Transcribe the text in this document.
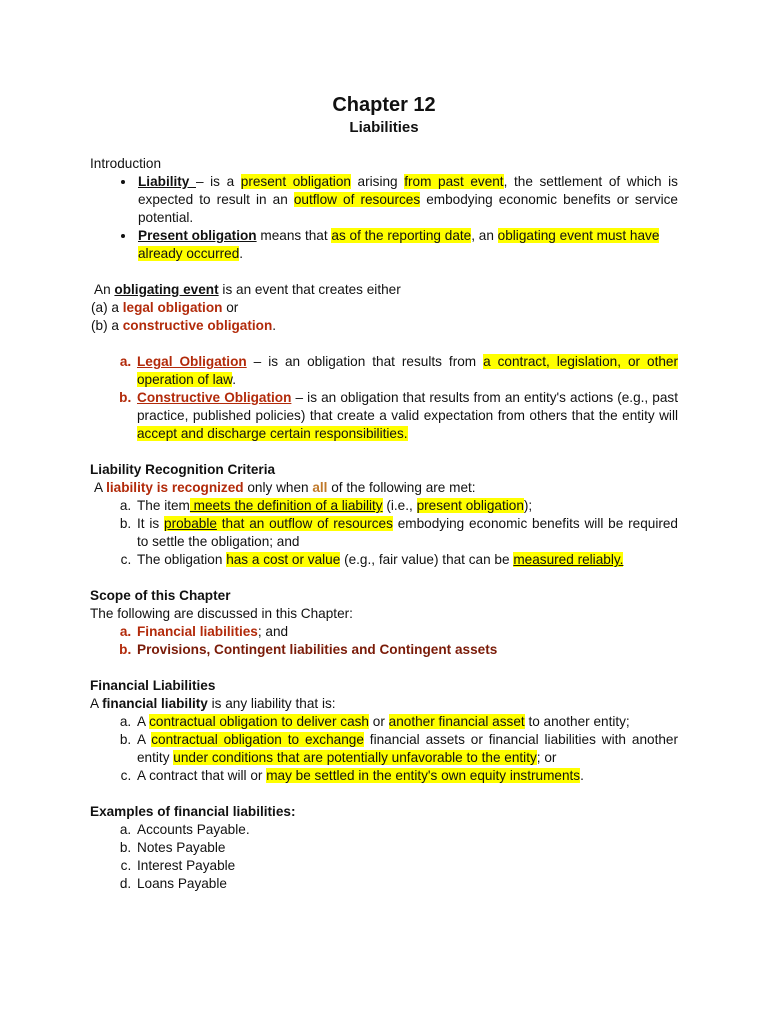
Chapter 12
Liabilities
Introduction
• Liability – is a present obligation arising from past event, the settlement of which is expected to result in an outflow of resources embodying economic benefits or service potential.
• Present obligation means that as of the reporting date, an obligating event must have already occurred.
An obligating event is an event that creates either
(a) a legal obligation or
(b) a constructive obligation.
a. Legal Obligation – is an obligation that results from a contract, legislation, or other operation of law.
b. Constructive Obligation – is an obligation that results from an entity's actions (e.g., past practice, published policies) that create a valid expectation from others that the entity will accept and discharge certain responsibilities.
Liability Recognition Criteria
A liability is recognized only when all of the following are met:
a. The item meets the definition of a liability (i.e., present obligation);
b. It is probable that an outflow of resources embodying economic benefits will be required to settle the obligation; and
c. The obligation has a cost or value (e.g., fair value) that can be measured reliably.
Scope of this Chapter
The following are discussed in this Chapter:
a. Financial liabilities; and
b. Provisions, Contingent liabilities and Contingent assets
Financial Liabilities
A financial liability is any liability that is:
a. A contractual obligation to deliver cash or another financial asset to another entity;
b. A contractual obligation to exchange financial assets or financial liabilities with another entity under conditions that are potentially unfavorable to the entity; or
c. A contract that will or may be settled in the entity's own equity instruments.
Examples of financial liabilities:
a. Accounts Payable.
b. Notes Payable
c. Interest Payable
d. Loans Payable
